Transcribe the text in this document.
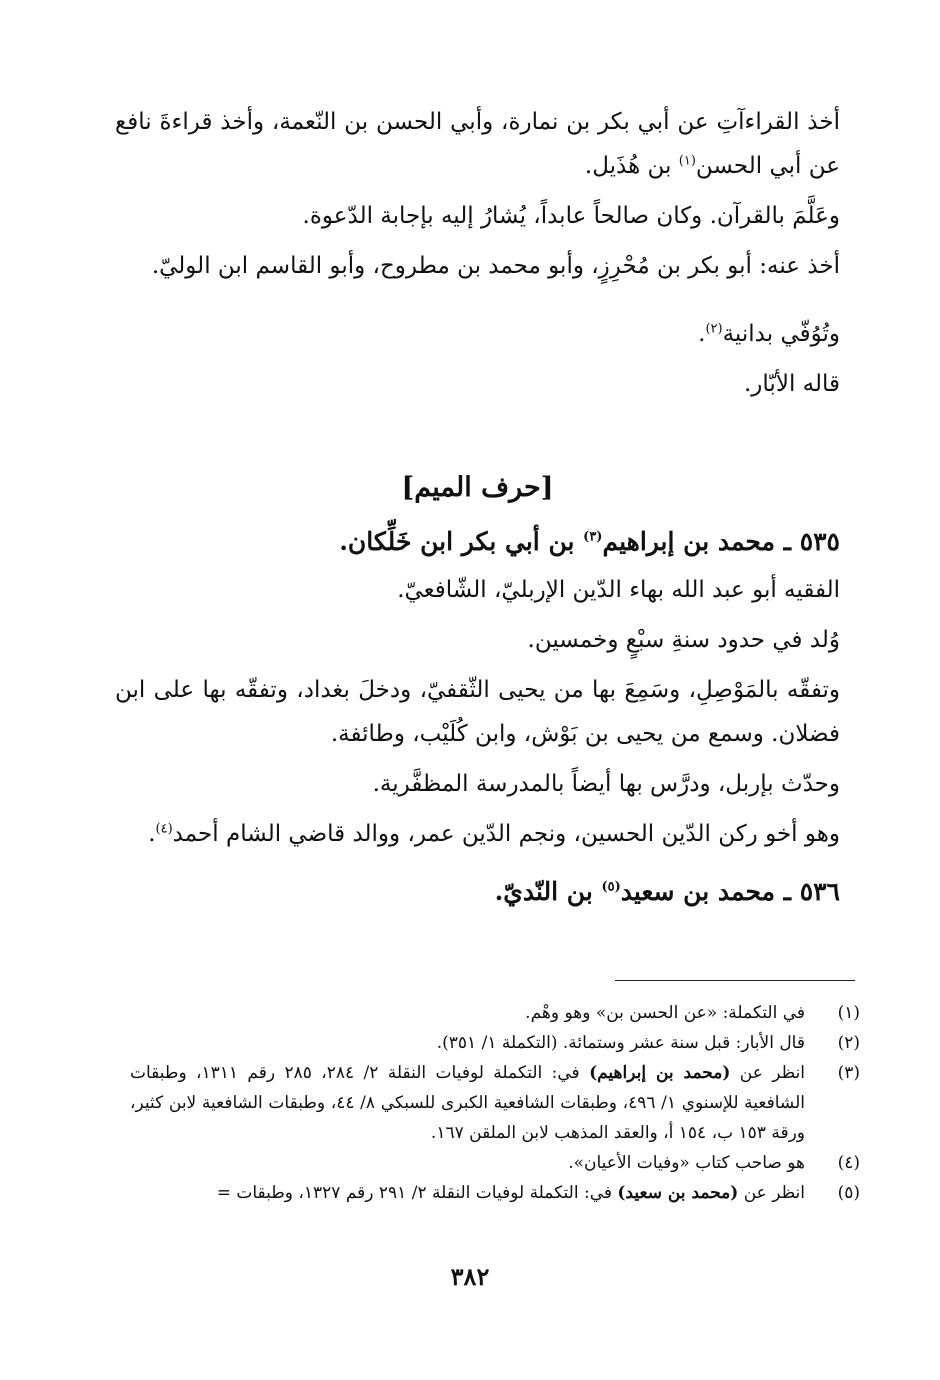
أخذ القراءآتِ عن أبي بكر بن نمارة، وأبي الحسن بن النّعمة، وأخذ قراءةَ نافع عن أبي الحسن$^{(١)}$ بن هُذَيل.

وعَلَّمَ بالقرآن. وكان صالحاً عابداً، يُشارُ إليه بإجابة الدّعوة.

أخذ عنه: أبو بكر بن مُحْرِزٍ، وأبو محمد بن مطروح، وأبو القاسم ابن الوليّ.

وتُوُفّي بدانية$^{(٢)}$.

قاله الأبّار.

[حرف الميم]
٥٣٥ ـ محمد بن إبراهيم$^{(٣)}$ بن أبي بكر ابن خَلِّكان.

الفقيه أبو عبد الله بهاء الدّين الإربليّ، الشّافعيّ.

وُلد في حدود سنةِ سبْعٍ وخمسين.

وتفقّه بالمَوْصِلِ، وسَمِعَ بها من يحيى الثّقفيّ، ودخلَ بغداد، وتفقّه بها على ابن فضلان. وسمع من يحيى بن بَوْش، وابن كُلَيْب، وطائفة.

وحدّث بإربل، ودرَّس بها أيضاً بالمدرسة المظفَّرية.

وهو أخو ركن الدّين الحسين، ونجم الدّين عمر، ووالد قاضي الشام أحمد$^{(٤)}$.

٥٣٦ ـ محمد بن سعيد$^{(٥)}$ بن النّديّ.
(١)
في التكملة: «عن الحسن بن» وهو وهْم.
(٢)
قال الأبار: قبل سنة عشر وستمائة. (التكملة ١/ ٣٥١).
(٣)
انظر عن (محمد بن إبراهيم) في: التكملة لوفيات النقلة ٢/ ٢٨٤، ٢٨٥ رقم ١٣١١، وطبقات الشافعية للإسنوي ١/ ٤٩٦، وطبقات الشافعية الكبرى للسبكي ٨/ ٤٤، وطبقات الشافعية لابن كثير، ورقة ١٥٣ ب، ١٥٤ أ، والعقد المذهب لابن الملقن ١٦٧.
(٤)
هو صاحب كتاب «وفيات الأعيان».
(٥)
انظر عن (محمد بن سعيد) في: التكملة لوفيات النقلة ٢/ ٢٩١ رقم ١٣٢٧، وطبقات =
٣٨٢
